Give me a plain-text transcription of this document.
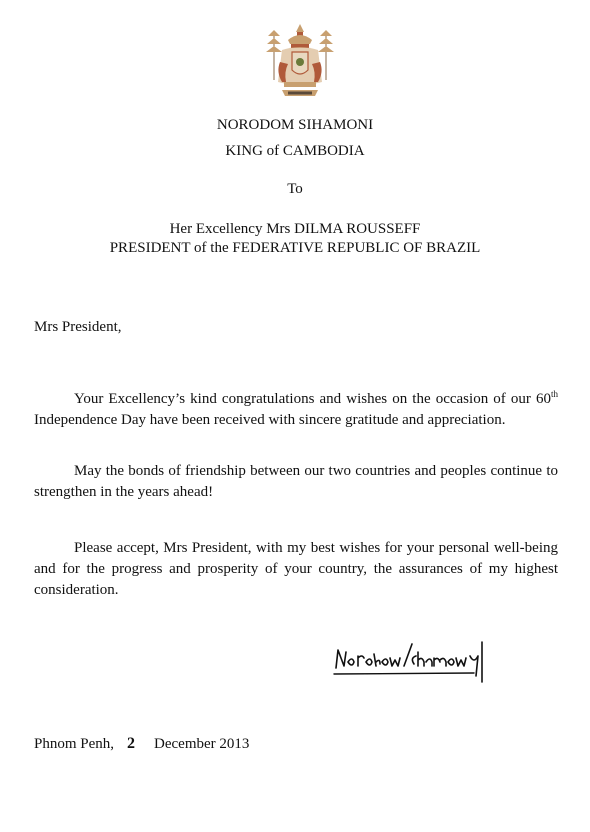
NORODOM SIHAMONI
KING of CAMBODIA
To
Her Excellency Mrs DILMA ROUSSEFF
PRESIDENT of the FEDERATIVE REPUBLIC OF BRAZIL
Mrs President,
Your Excellency’s kind congratulations and wishes on the occasion of our 60th Independence Day have been received with sincere gratitude and appreciation.
May the bonds of friendship between our two countries and peoples continue to strengthen in the years ahead!
Please accept, Mrs President, with my best wishes for your personal well-being and for the progress and prosperity of your country, the assurances of my highest consideration.
Phnom Penh, 2 December 2013
